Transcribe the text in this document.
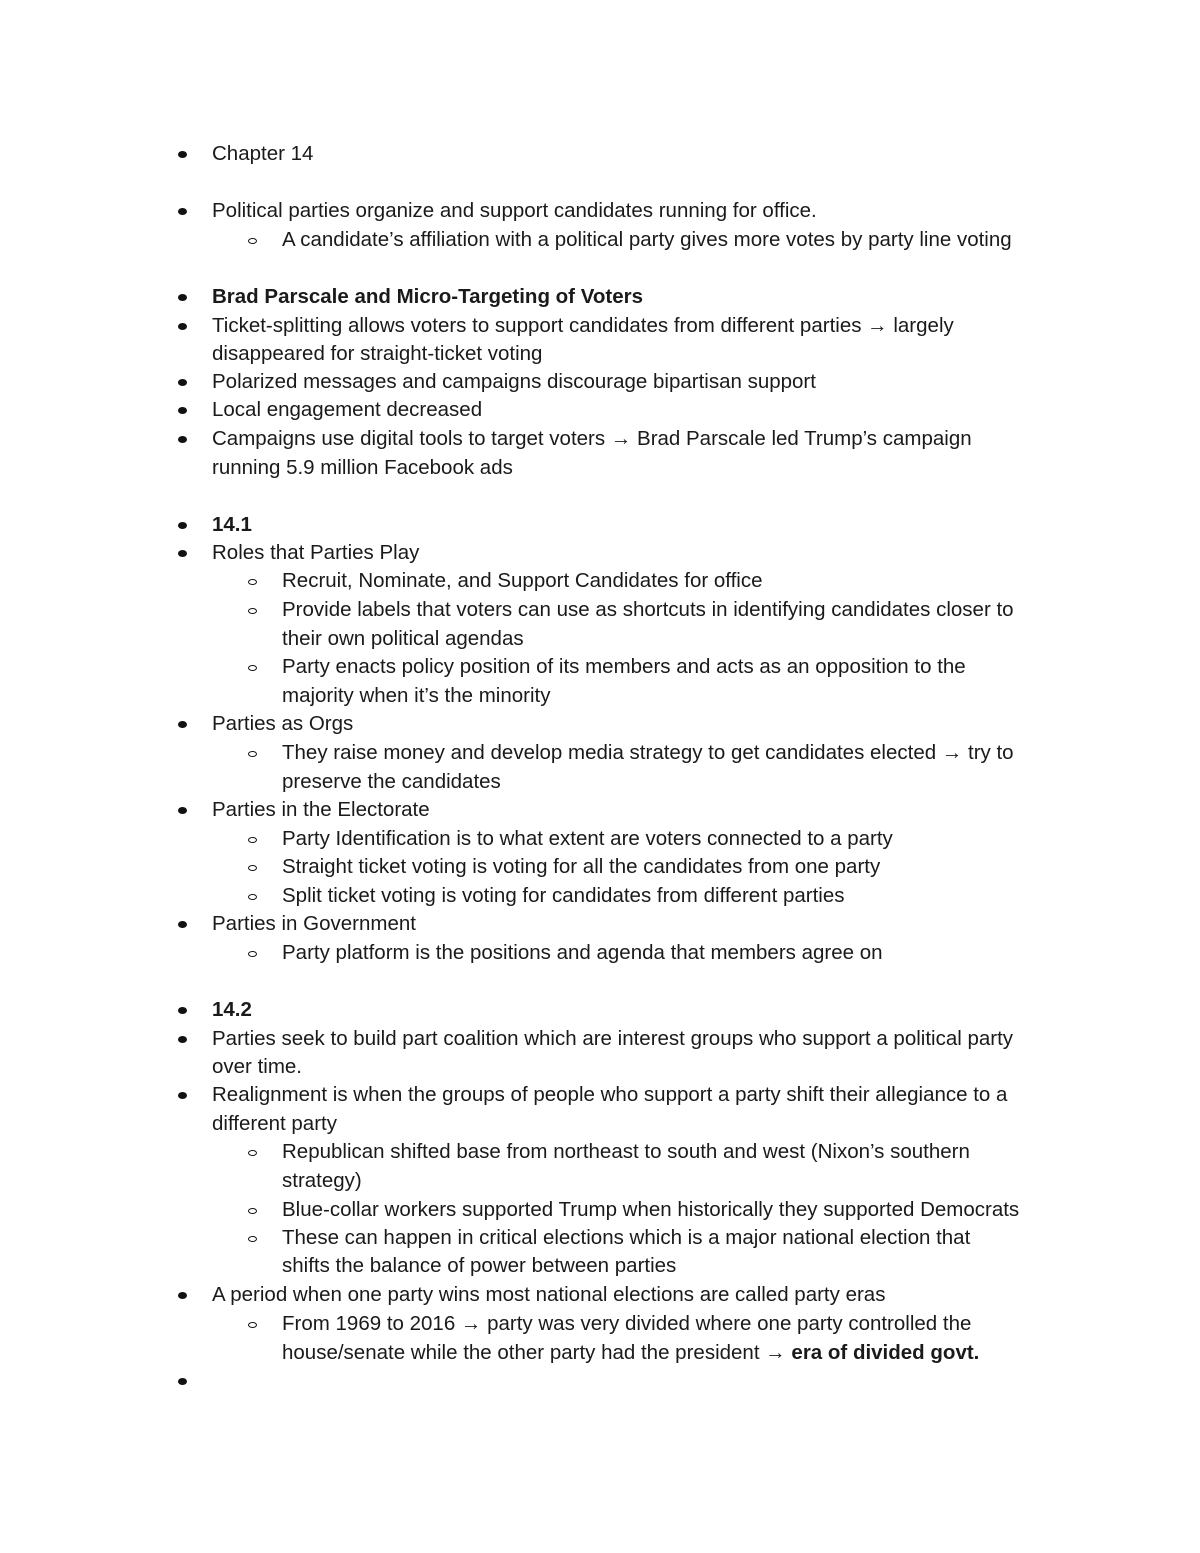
Chapter 14
Political parties organize and support candidates running for office.
A candidate’s affiliation with a political party gives more votes by party line voting
Brad Parscale and Micro-Targeting of Voters
Ticket-splitting allows voters to support candidates from different parties → largely
disappeared for straight-ticket voting
Polarized messages and campaigns discourage bipartisan support
Local engagement decreased
Campaigns use digital tools to target voters → Brad Parscale led Trump’s campaign
running 5.9 million Facebook ads
14.1
Roles that Parties Play
Recruit, Nominate, and Support Candidates for office
Provide labels that voters can use as shortcuts in identifying candidates closer to
their own political agendas
Party enacts policy position of its members and acts as an opposition to the
majority when it’s the minority
Parties as Orgs
They raise money and develop media strategy to get candidates elected → try to
preserve the candidates
Parties in the Electorate
Party Identification is to what extent are voters connected to a party
Straight ticket voting is voting for all the candidates from one party
Split ticket voting is voting for candidates from different parties
Parties in Government
Party platform is the positions and agenda that members agree on
14.2
Parties seek to build part coalition which are interest groups who support a political party
over time.
Realignment is when the groups of people who support a party shift their allegiance to a
different party
Republican shifted base from northeast to south and west (Nixon’s southern
strategy)
Blue-collar workers supported Trump when historically they supported Democrats
These can happen in critical elections which is a major national election that
shifts the balance of power between parties
A period when one party wins most national elections are called party eras
From 1969 to 2016 → party was very divided where one party controlled the
house/senate while the other party had the president → era of divided govt.
